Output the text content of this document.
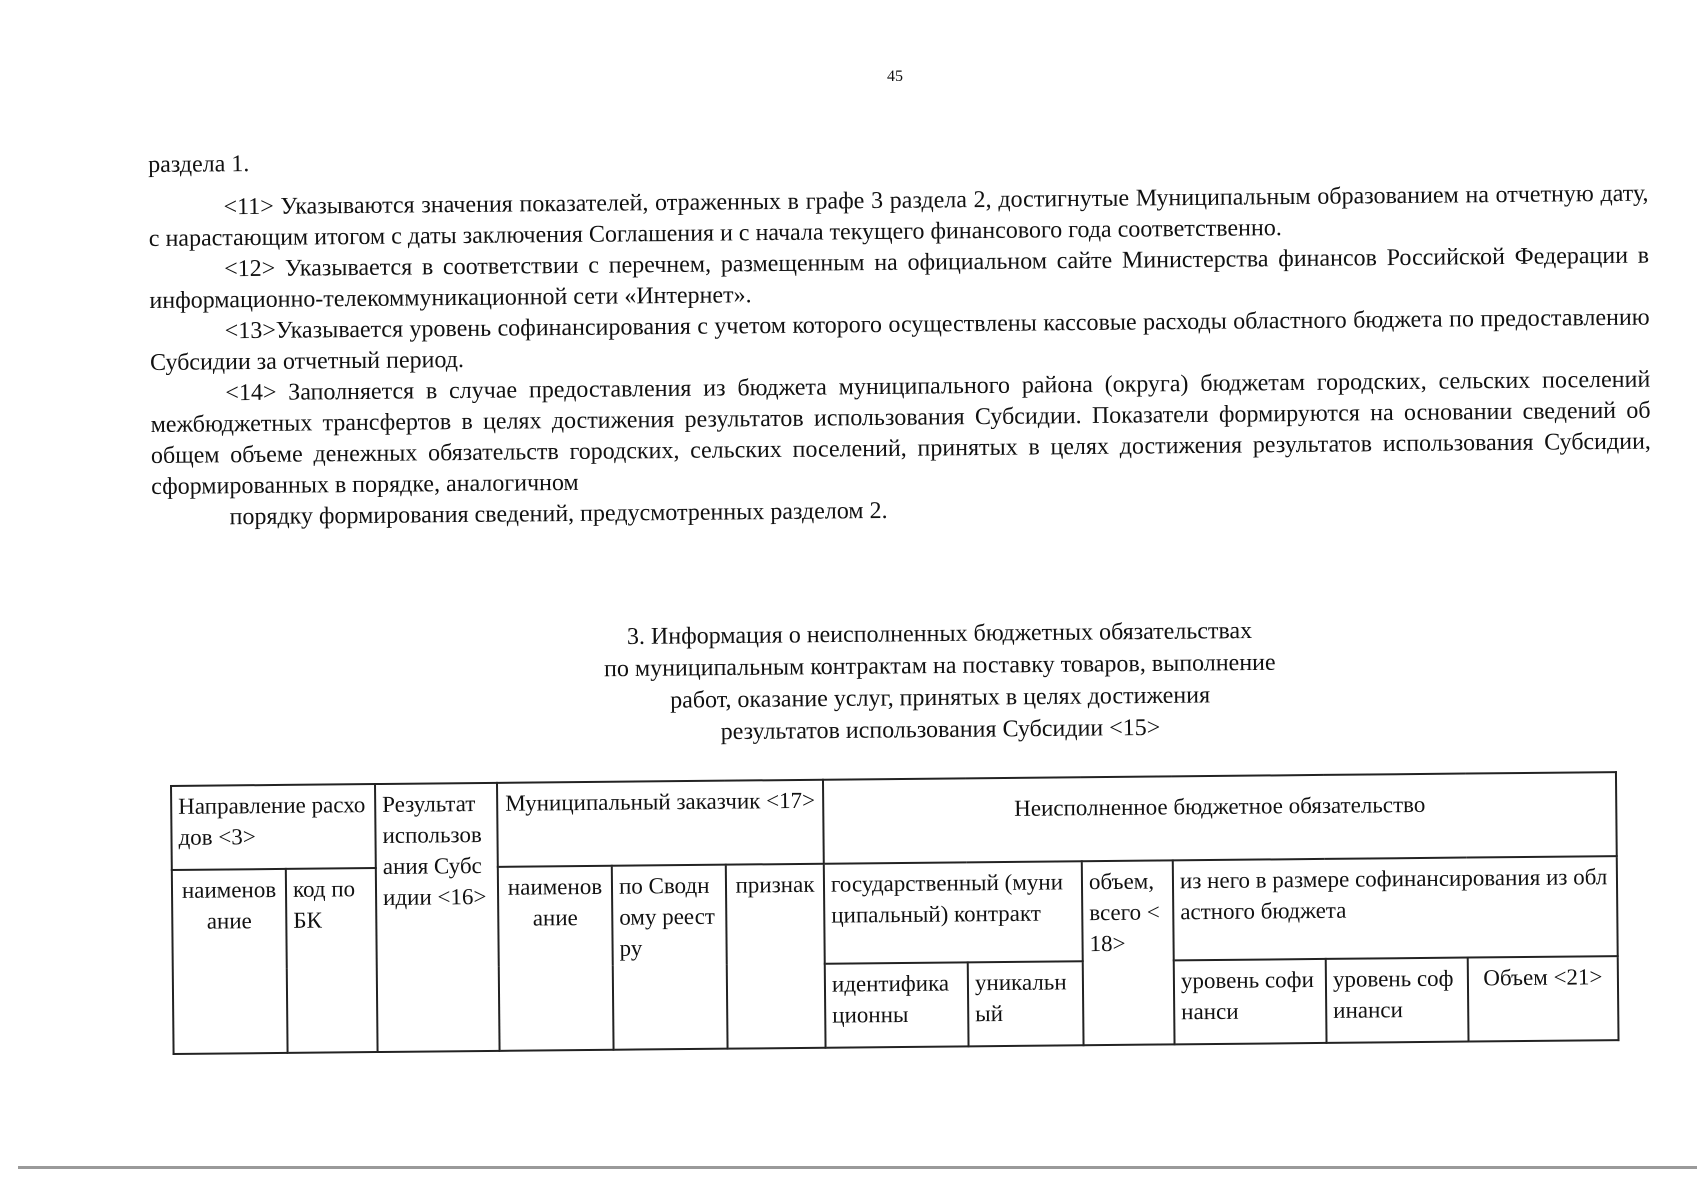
45

раздела 1.

<11> Указываются значения показателей, отраженных в графе 3 раздела 2, достигнутые Муниципальным образованием на отчетную дату, с нарастающим итогом с даты заключения Соглашения и с начала текущего финансового года соответственно.

<12> Указывается в соответствии с перечнем, размещенным на официальном сайте Министерства финансов Российской Федерации в информационно-телекоммуникационной сети «Интернет».

<13>Указывается уровень софинансирования с учетом которого осуществлены кассовые расходы областного бюджета по предоставлению Субсидии за отчетный период.

<14> Заполняется в случае предоставления из бюджета муниципального района (округа) бюджетам городских, сельских поселений межбюджетных трансфертов в целях достижения результатов использования Субсидии. Показатели формируются на основании сведений об общем объеме денежных обязательств городских, сельских поселений, принятых в целях достижения результатов использования Субсидии, сформированных в порядке, аналогичном

порядку формирования сведений, предусмотренных разделом 2.

3. Информация о неисполненных бюджетных обязательствах
по муниципальным контрактам на поставку товаров, выполнение
работ, оказание услуг, принятых в целях достижения
результатов использования Субсидии <15>
Направление расходов <3>		Результат использования Субсидии <16>	Муниципальный заказчик <17>			Неисполненное бюджетное обязательство					
наименование	код по БК		наименование	по Сводному реестру	признак	государственный (муниципальный) контракт		объем, всего <18>	из него в размере софинансирования из областного бюджета		
						идентификационны	уникальный		уровень софинанси	уровень софинанси	Объем <21>
